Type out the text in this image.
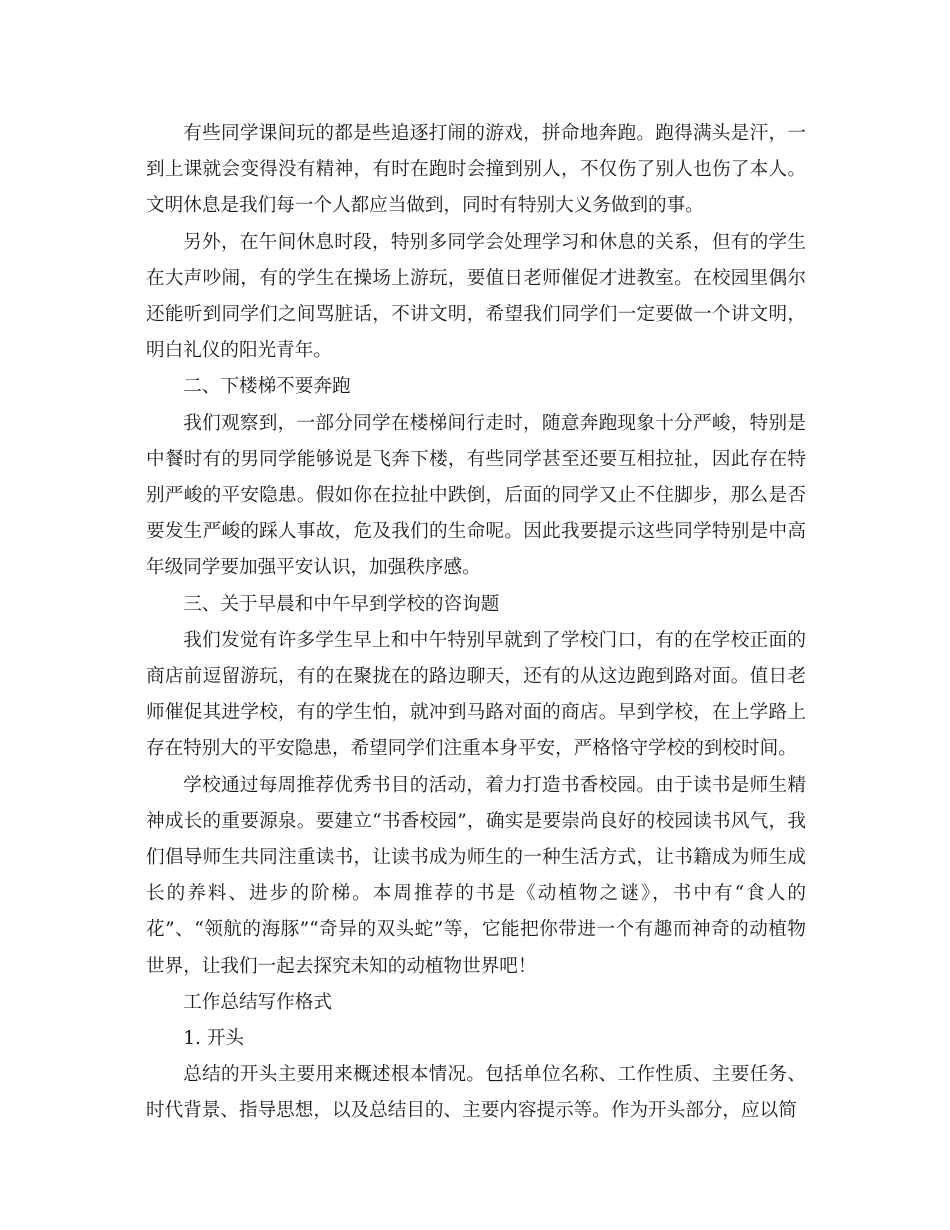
有些同学课间玩的都是些追逐打闹的游戏，拼命地奔跑。跑得满头是汗，一到上课就会变得没有精神，有时在跑时会撞到别人，不仅伤了别人也伤了本人。文明休息是我们每一个人都应当做到，同时有特别大义务做到的事。

另外，在午间休息时段，特别多同学会处理学习和休息的关系，但有的学生在大声吵闹，有的学生在操场上游玩，要值日老师催促才进教室。在校园里偶尔还能听到同学们之间骂脏话，不讲文明，希望我们同学们一定要做一个讲文明，明白礼仪的阳光青年。

二、下楼梯不要奔跑

我们观察到，一部分同学在楼梯间行走时，随意奔跑现象十分严峻，特别是中餐时有的男同学能够说是飞奔下楼，有些同学甚至还要互相拉扯，因此存在特别严峻的平安隐患。假如你在拉扯中跌倒，后面的同学又止不住脚步，那么是否要发生严峻的踩人事故，危及我们的生命呢。因此我要提示这些同学特别是中高年级同学要加强平安认识，加强秩序感。

三、关于早晨和中午早到学校的咨询题

我们发觉有许多学生早上和中午特别早就到了学校门口，有的在学校正面的商店前逗留游玩，有的在聚拢在的路边聊天，还有的从这边跑到路对面。值日老师催促其进学校，有的学生怕，就冲到马路对面的商店。早到学校，在上学路上存在特别大的平安隐患，希望同学们注重本身平安，严格恪守学校的到校时间。

学校通过每周推荐优秀书目的活动，着力打造书香校园。由于读书是师生精神成长的重要源泉。要建立“书香校园”，确实是要崇尚良好的校园读书风气，我们倡导师生共同注重读书，让读书成为师生的一种生活方式，让书籍成为师生成长的养料、进步的阶梯。本周推荐的书是《动植物之谜》，书中有“食人的花”、“领航的海豚”“奇异的双头蛇”等，它能把你带进一个有趣而神奇的动植物世界，让我们一起去探究未知的动植物世界吧！

工作总结写作格式

1. 开头

总结的开头主要用来概述根本情况。包括单位名称、工作性质、主要任务、时代背景、指导思想，以及总结目的、主要内容提示等。作为开头部分，应以简
